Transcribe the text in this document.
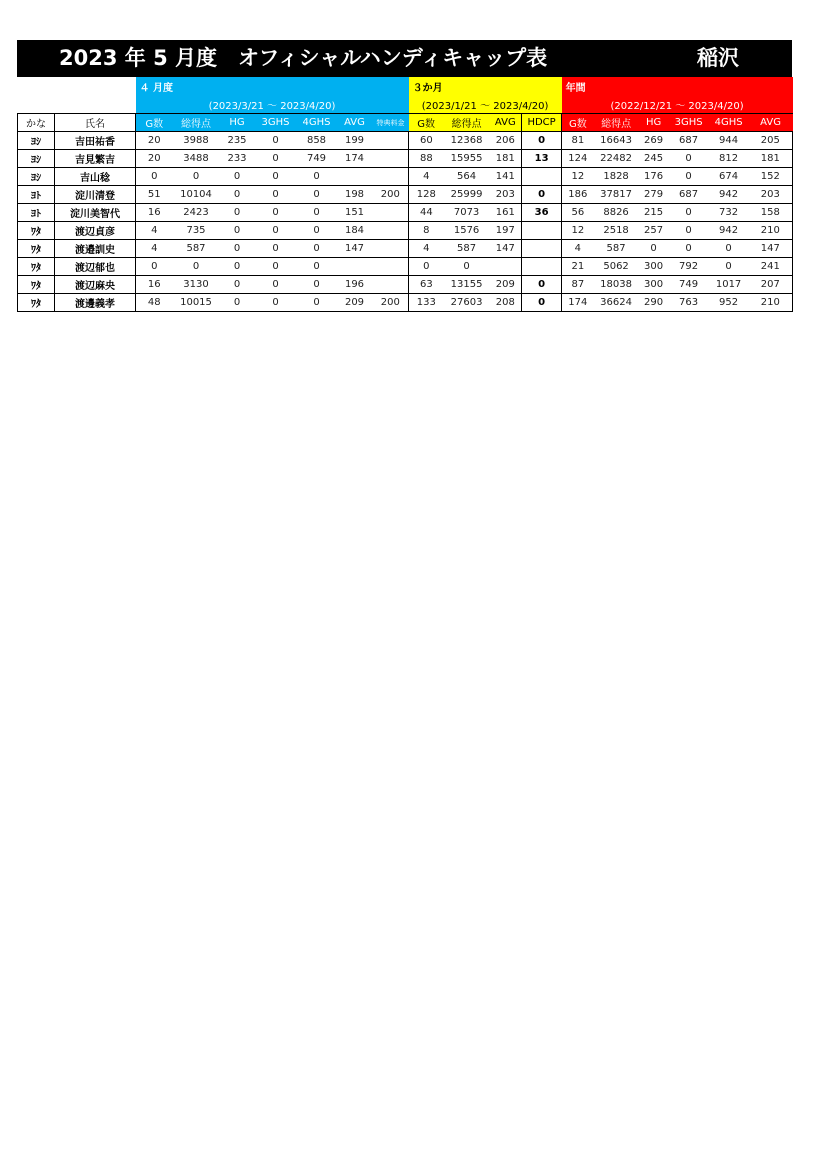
2023 年 5 月度　オフィシャルハンディキャップ表	稲沢
		４ 月度							３か月				年間					
		(2023/3/21 ～ 2023/4/20)							(2023/1/21 ～ 2023/4/20)				(2022/12/21 ～ 2023/4/20)					
かな	氏名	G数	総得点	HG	3GHS	4GHS	AVG	特典料金	G数	総得点	AVG	HDCP	G数	総得点	HG	3GHS	4GHS	AVG
ﾖｼ	吉田祐香	20	3988	235	0	858	199		60	12368	206	0	81	16643	269	687	944	205
ﾖｼ	吉見繁吉	20	3488	233	0	749	174		88	15955	181	13	124	22482	245	0	812	181
ﾖｼ	吉山稔	0	0	0	0	0			4	564	141		12	1828	176	0	674	152
ﾖﾄ	淀川清登	51	10104	0	0	0	198	200	128	25999	203	0	186	37817	279	687	942	203
ﾖﾄ	淀川美智代	16	2423	0	0	0	151		44	7073	161	36	56	8826	215	0	732	158
ﾜﾀ	渡辺貞彦	4	735	0	0	0	184		8	1576	197		12	2518	257	0	942	210
ﾜﾀ	渡邉訓史	4	587	0	0	0	147		4	587	147		4	587	0	0	0	147
ﾜﾀ	渡辺郁也	0	0	0	0	0			0	0			21	5062	300	792	0	241
ﾜﾀ	渡辺麻央	16	3130	0	0	0	196		63	13155	209	0	87	18038	300	749	1017	207
ﾜﾀ	渡邊義孝	48	10015	0	0	0	209	200	133	27603	208	0	174	36624	290	763	952	210
